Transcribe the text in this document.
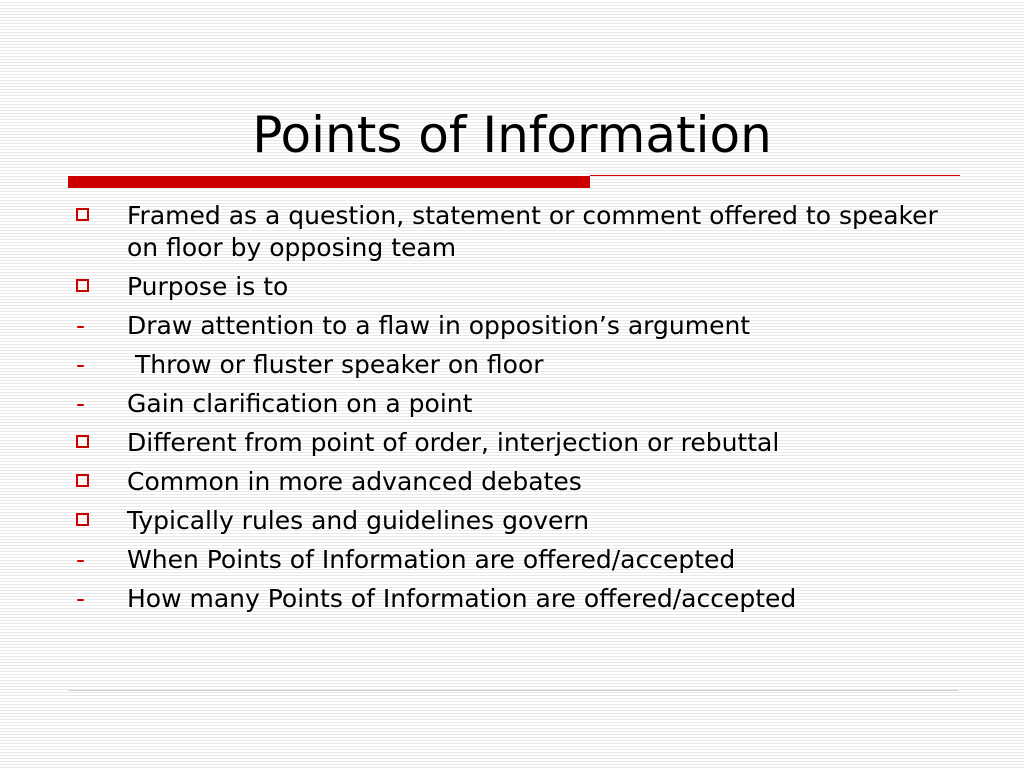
Points of Information
Framed as a question, statement or comment offered to speaker on floor by opposing team
Purpose is to
- Draw attention to a flaw in opposition’s argument
- Throw or fluster speaker on floor
- Gain clarification on a point
Different from point of order, interjection or rebuttal
Common in more advanced debates
Typically rules and guidelines govern
- When Points of Information are offered/accepted
- How many Points of Information are offered/accepted
